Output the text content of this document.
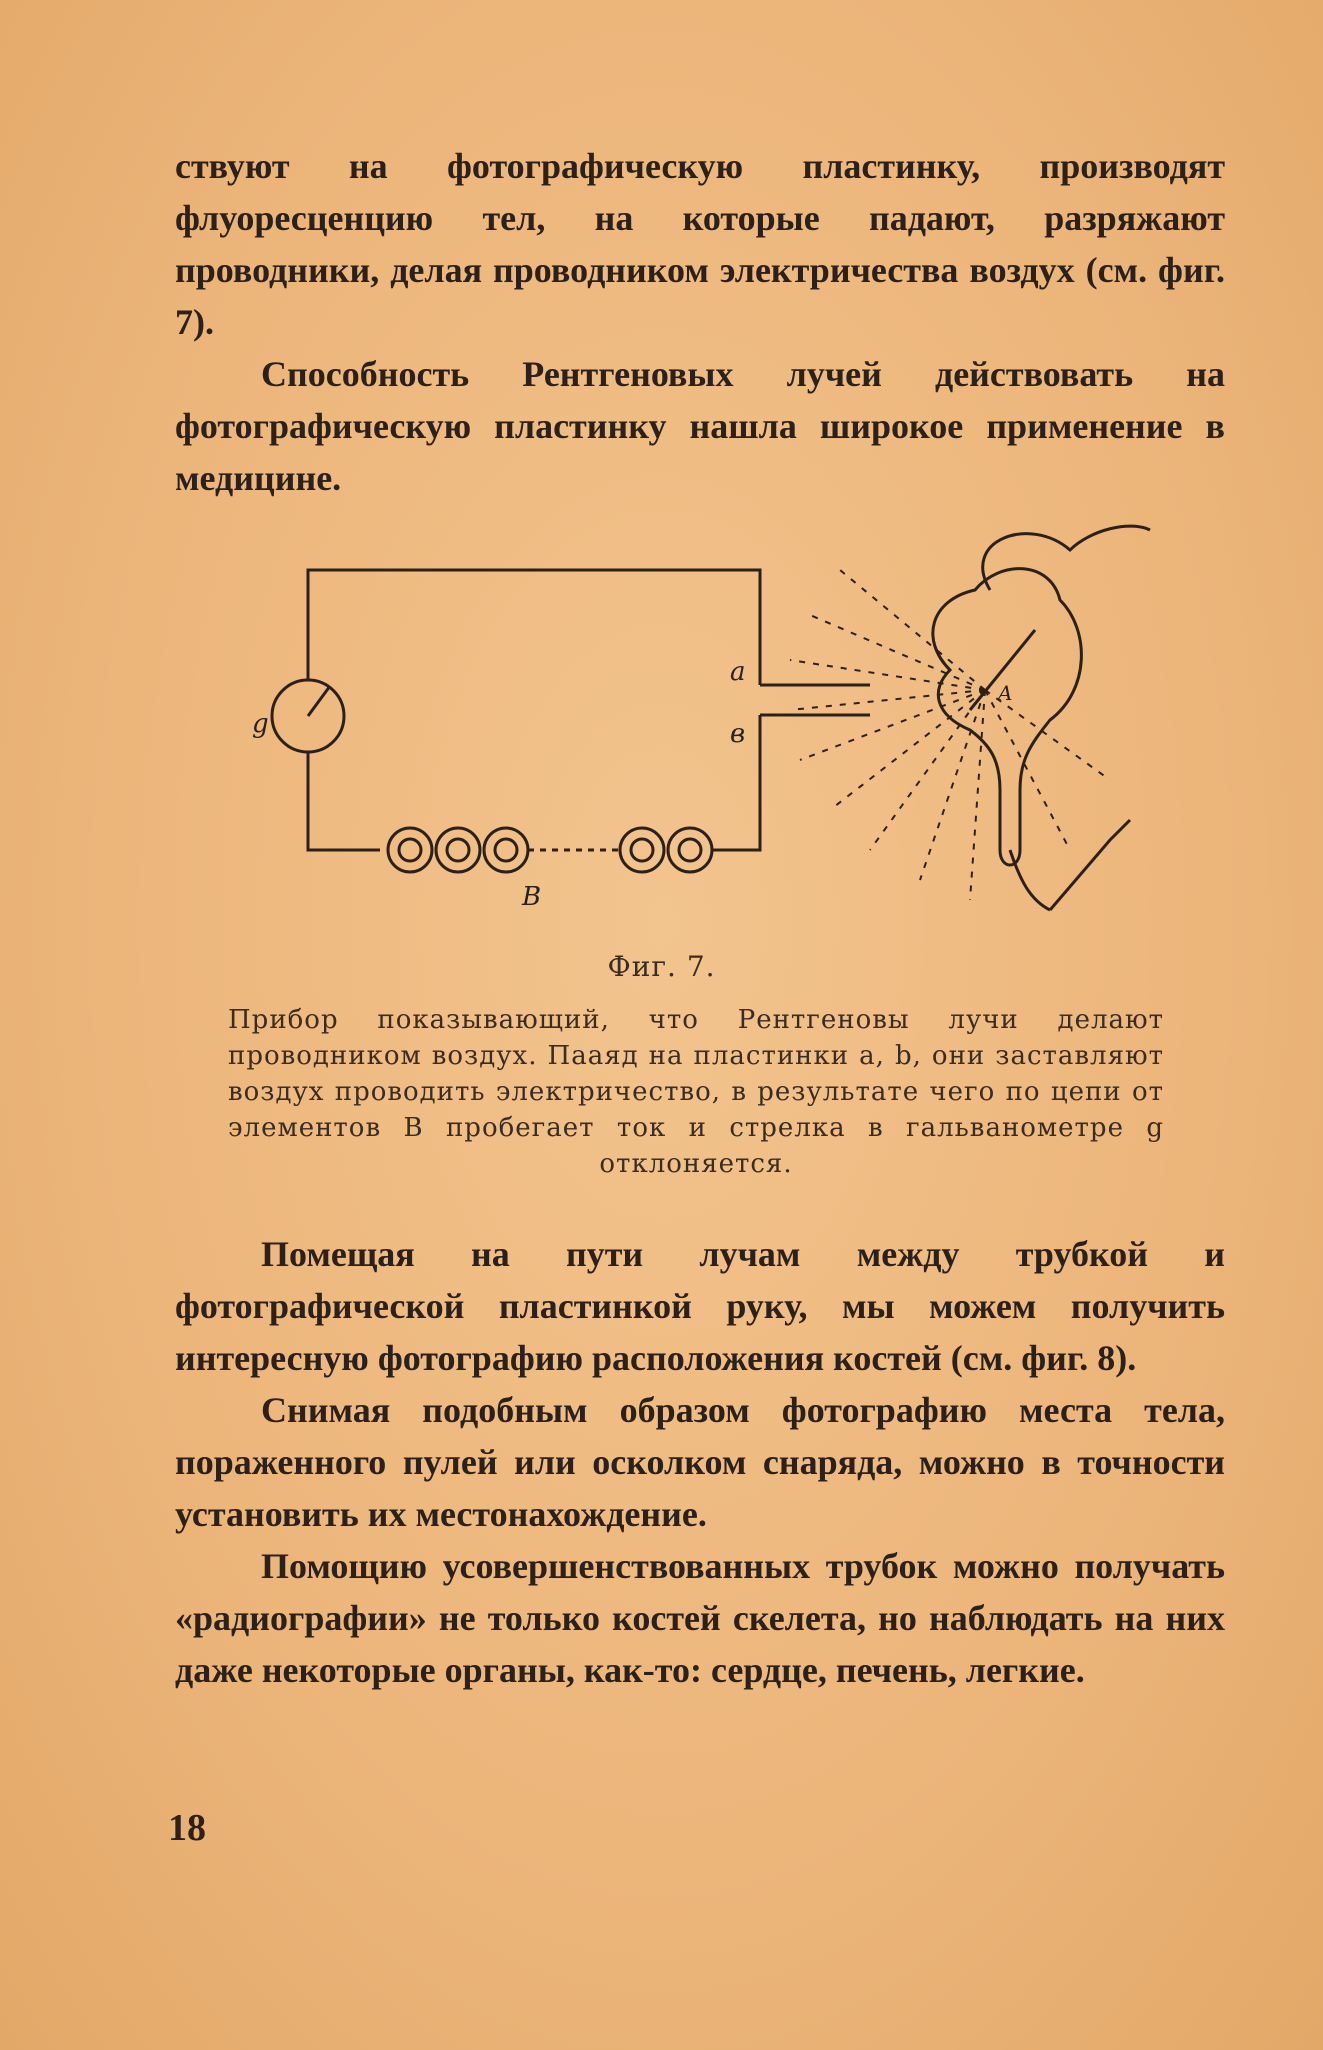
ствуют на фотографическую пластинку, производят флуоресценцию тел, на которые падают, разряжают проводники, делая проводником электричества воздух (см. фиг. 7).

Способность Рентгеновых лучей действовать на фотографическую пластинку нашла широкое применение в медицине.

a
в
g
B
A
Фиг. 7.
Прибор показывающий, что Рентгеновы лучи делают проводником воздух. Пааяд на пластинки a, b, они заставляют воздух проводить электричество, в результате чего по цепи от элементов B пробегает ток и стрелка в гальванометре g отклоняется.

Помещая на пути лучам между трубкой и фотографической пластинкой руку, мы можем получить интересную фотографию расположения костей (см. фиг. 8).

Снимая подобным образом фотографию места тела, пораженного пулей или осколком снаряда, можно в точности установить их местонахождение.

Помощию усовершенствованных трубок можно получать «радиографии» не только костей скелета, но наблюдать на них даже некоторые органы, как-то: сердце, печень, легкие.

18
